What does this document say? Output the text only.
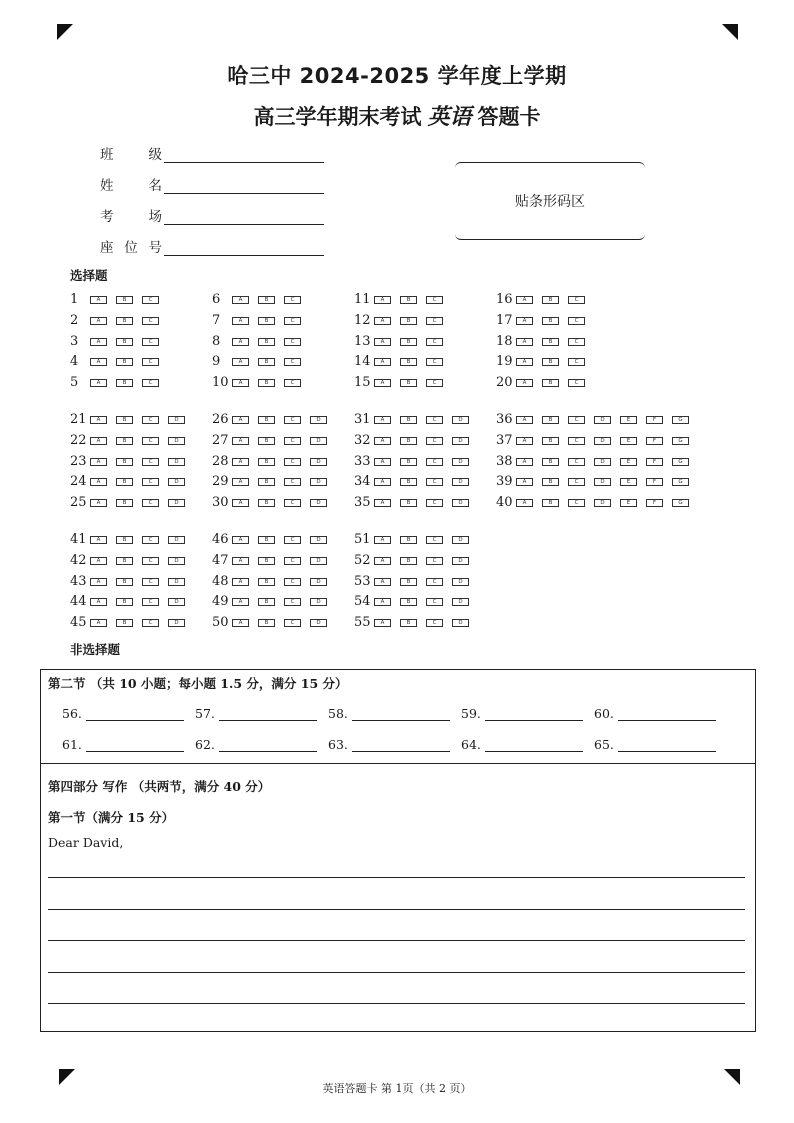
哈三中 2024-2025 学年度上学期
高三学年期末考试 英语 答题卡
班 级
姓 名
考 场
座位号
贴条形码区
选择题
1	A	B	C
2	A	B	C
3	A	B	C
4	A	B	C
5	A	B	C
6	A	B	C
7	A	B	C
8	A	B	C
9	A	B	C
10	A	B	C
11	A	B	C
12	A	B	C
13	A	B	C
14	A	B	C
15	A	B	C
16	A	B	C
17	A	B	C
18	A	B	C
19	A	B	C
20	A	B	C
21	A	B	C	D
22	A	B	C	D
23	A	B	C	D
24	A	B	C	D
25	A	B	C	D
26	A	B	C	D
27	A	B	C	D
28	A	B	C	D
29	A	B	C	D
30	A	B	C	D
31	A	B	C	D
32	A	B	C	D
33	A	B	C	D
34	A	B	C	D
35	A	B	C	D
36	A	B	C	D	E	F	G
37	A	B	C	D	E	F	G
38	A	B	C	D	E	F	G
39	A	B	C	D	E	F	G
40	A	B	C	D	E	F	G
41	A	B	C	D
42	A	B	C	D
43	A	B	C	D
44	A	B	C	D
45	A	B	C	D
46	A	B	C	D
47	A	B	C	D
48	A	B	C	D
49	A	B	C	D
50	A	B	C	D
51	A	B	C	D
52	A	B	C	D
53	A	B	C	D
54	A	B	C	D
55	A	B	C	D
非选择题
第二节 （共 10 小题；每小题 1.5 分，满分 15 分）
56.	57.	58.	59.	60.
61.	62.	63.	64.	65.
第四部分 写作 （共两节，满分 40 分）
第一节（满分 15 分）
Dear David,
英语答题卡 第 1页（共 2 页）
